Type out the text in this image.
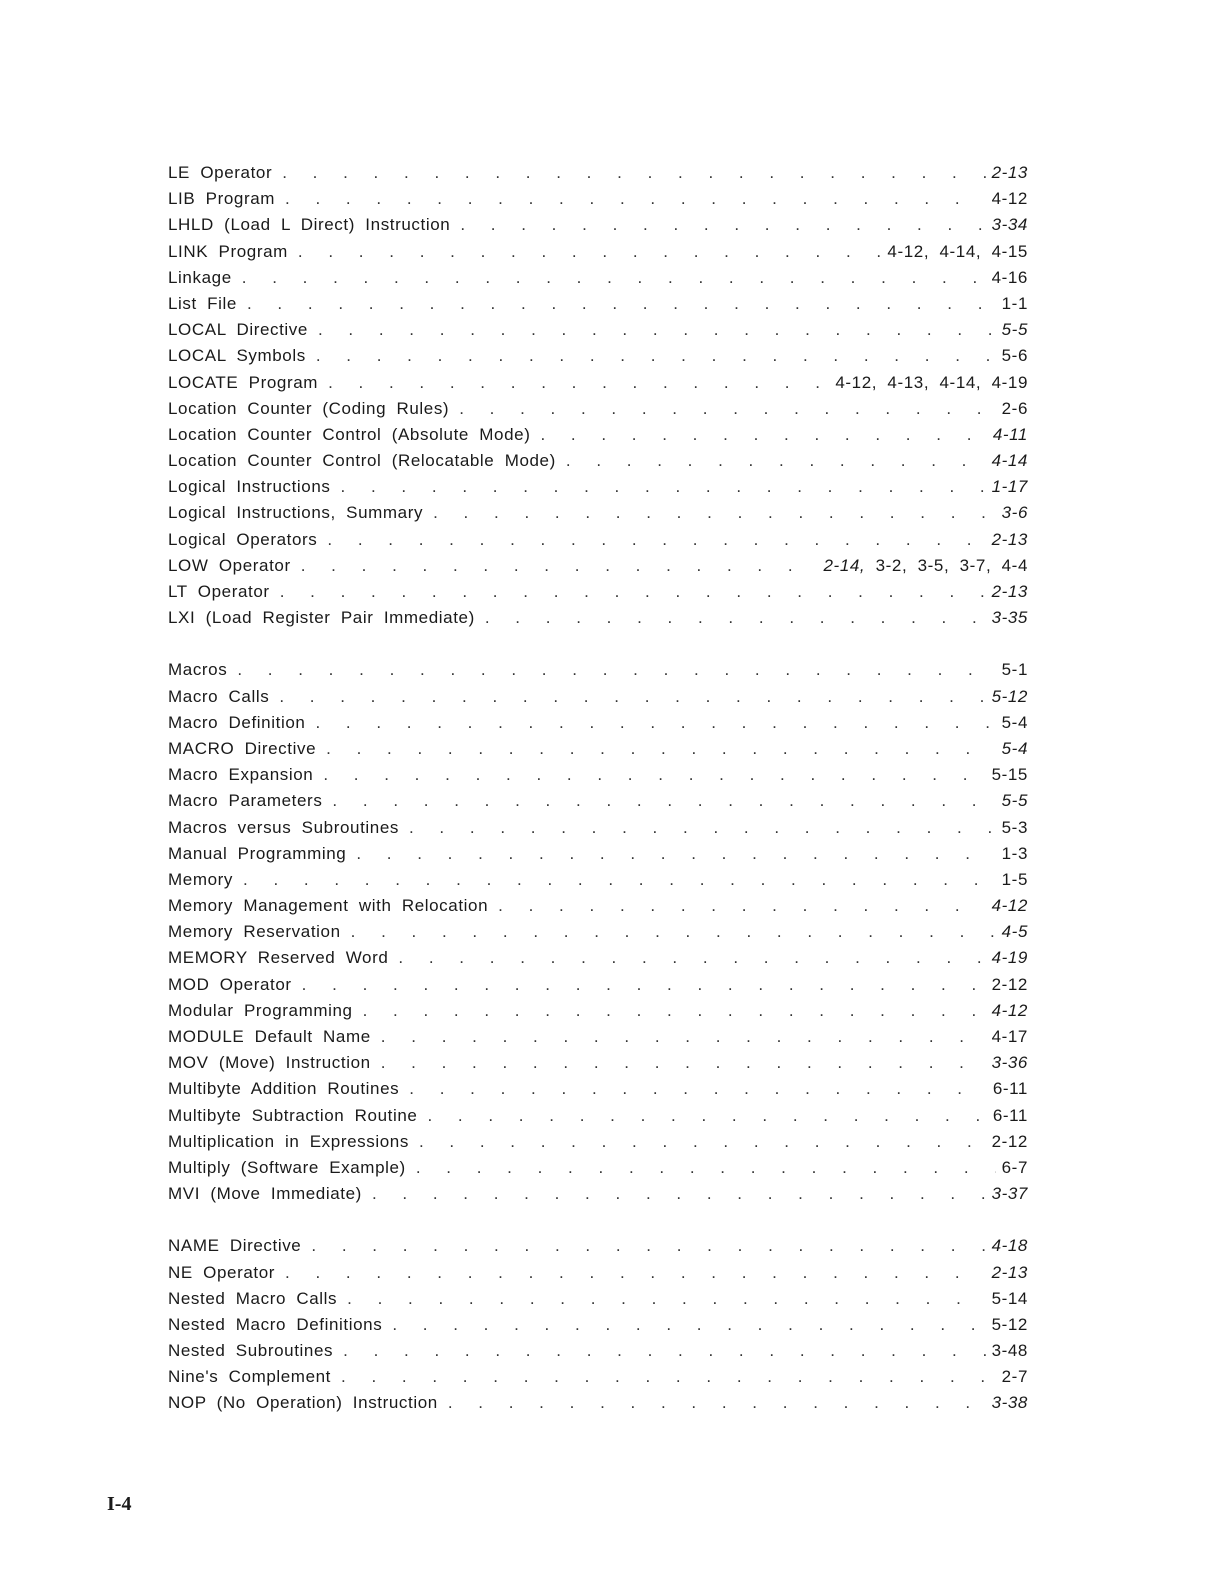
LE Operator . . .	2-13
LIB Program . . .	4-12
LHLD (Load L Direct) Instruction . . .	3-34
LINK Program . . .	4-12, 4-14, 4-15
Linkage . . .	4-16
List File . . .	1-1
LOCAL Directive . . .	5-5
LOCAL Symbols . . .	5-6
LOCATE Program . . .	4-12, 4-13, 4-14, 4-19
Location Counter (Coding Rules) . . .	2-6
Location Counter Control (Absolute Mode) . . .	4-11
Location Counter Control (Relocatable Mode) . . .	4-14
Logical Instructions . . .	1-17
Logical Instructions, Summary . . .	3-6
Logical Operators . . .	2-13
LOW Operator . . .	2-14, 3-2, 3-5, 3-7, 4-4
LT Operator . . .	2-13
LXI (Load Register Pair Immediate) . . .	3-35
Macros . . .	5-1
Macro Calls . . .	5-12
Macro Definition . . .	5-4
MACRO Directive . . .	5-4
Macro Expansion . . .	5-15
Macro Parameters . . .	5-5
Macros versus Subroutines . . .	5-3
Manual Programming . . .	1-3
Memory . . .	1-5
Memory Management with Relocation . . .	4-12
Memory Reservation . . .	4-5
MEMORY Reserved Word . . .	4-19
MOD Operator . . .	2-12
Modular Programming . . .	4-12
MODULE Default Name . . .	4-17
MOV (Move) Instruction . . .	3-36
Multibyte Addition Routines . . .	6-11
Multibyte Subtraction Routine . . .	6-11
Multiplication in Expressions . . .	2-12
Multiply (Software Example) . . .	6-7
MVI (Move Immediate) . . .	3-37
NAME Directive . . .	4-18
NE Operator . . .	2-13
Nested Macro Calls . . .	5-14
Nested Macro Definitions . . .	5-12
Nested Subroutines . . .	3-48
Nine's Complement . . .	2-7
NOP (No Operation) Instruction . . .	3-38
I-4
